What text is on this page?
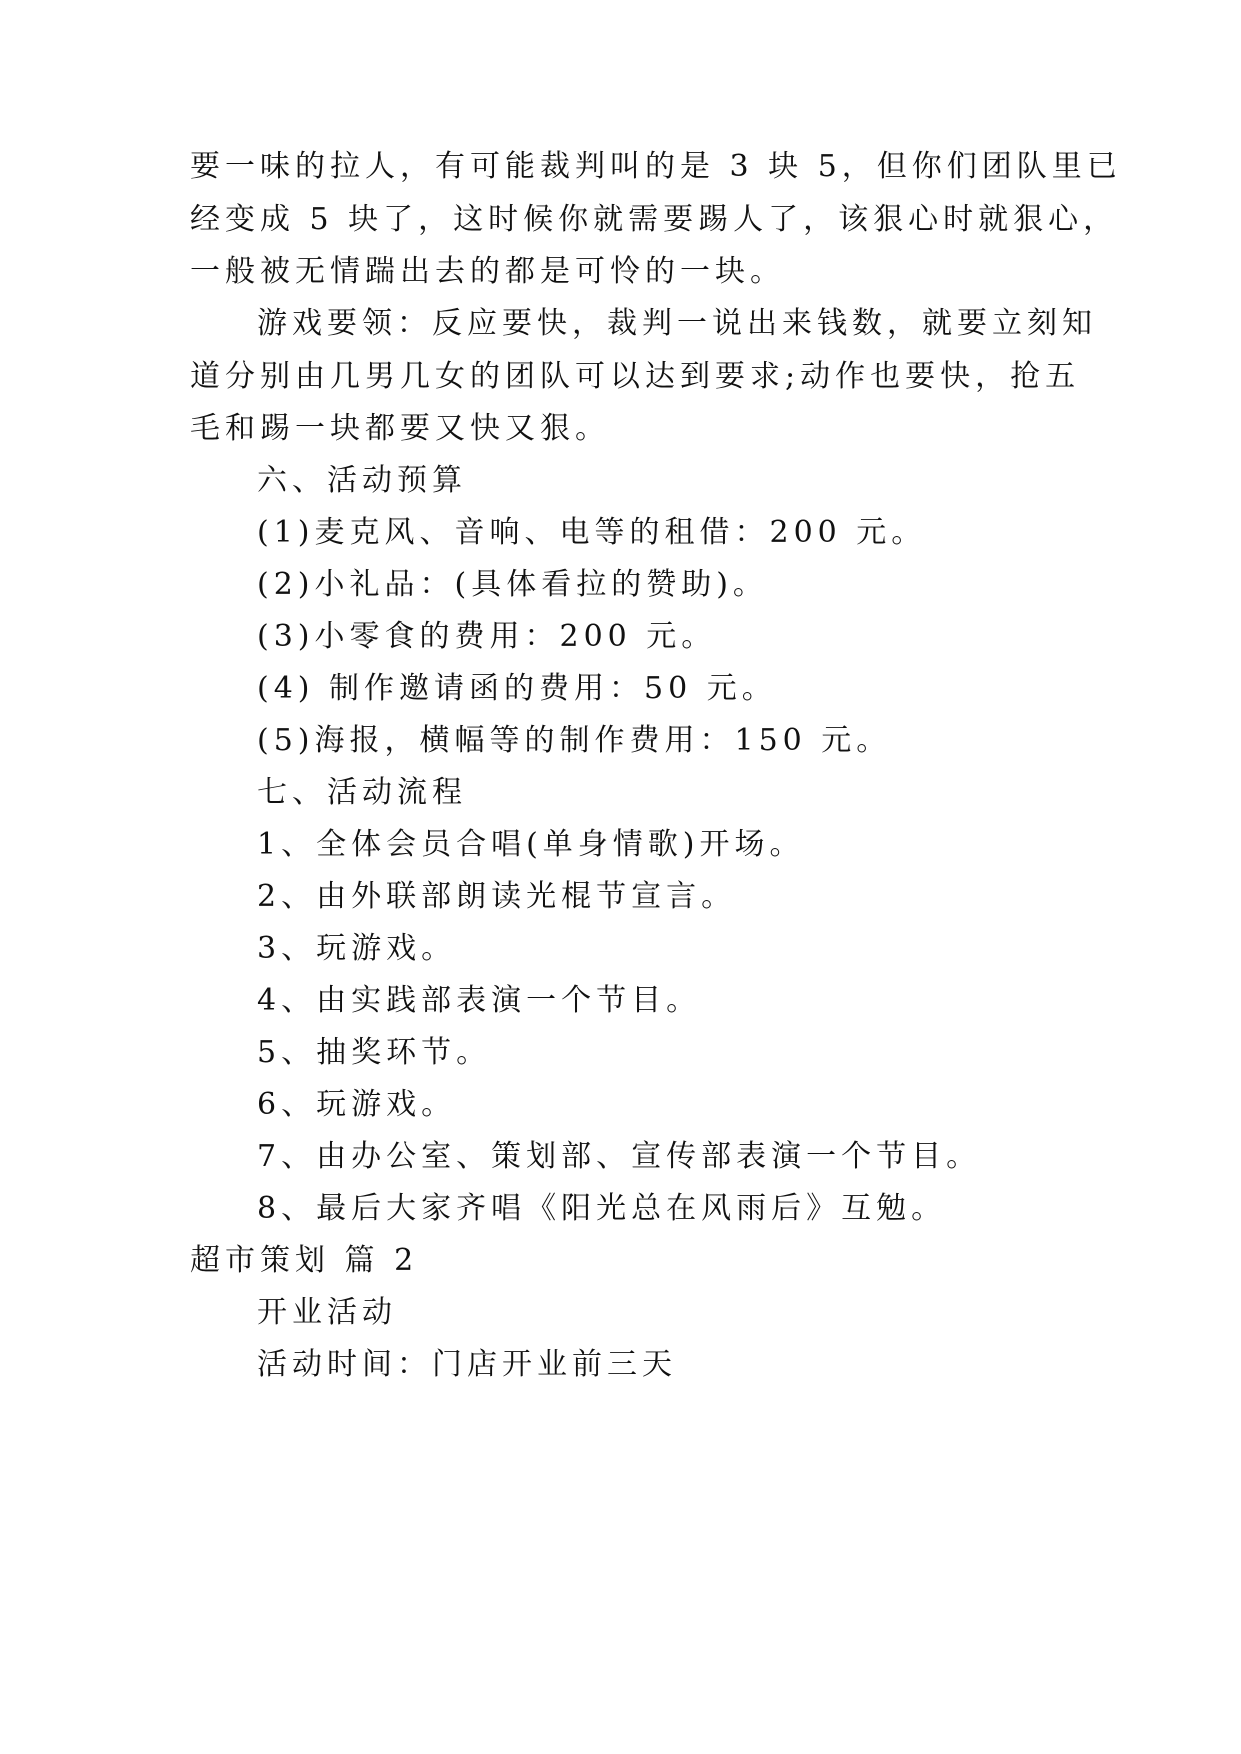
要一味的拉人，有可能裁判叫的是 3 块 5，但你们团队里已
经变成 5 块了，这时候你就需要踢人了，该狠心时就狠心，
一般被无情踹出去的都是可怜的一块。
游戏要领：反应要快，裁判一说出来钱数，就要立刻知
道分别由几男几女的团队可以达到要求;动作也要快，抢五
毛和踢一块都要又快又狠。
六、活动预算
(1)麦克风、音响、电等的租借：200 元。
(2)小礼品：(具体看拉的赞助)。
(3)小零食的费用：200 元。
(4) 制作邀请函的费用：50 元。
(5)海报，横幅等的制作费用：150 元。
七、活动流程
1、全体会员合唱(单身情歌)开场。
2、由外联部朗读光棍节宣言。
3、玩游戏。
4、由实践部表演一个节目。
5、抽奖环节。
6、玩游戏。
7、由办公室、策划部、宣传部表演一个节目。
8、最后大家齐唱《阳光总在风雨后》互勉。
超市策划 篇 2
开业活动
活动时间：门店开业前三天
